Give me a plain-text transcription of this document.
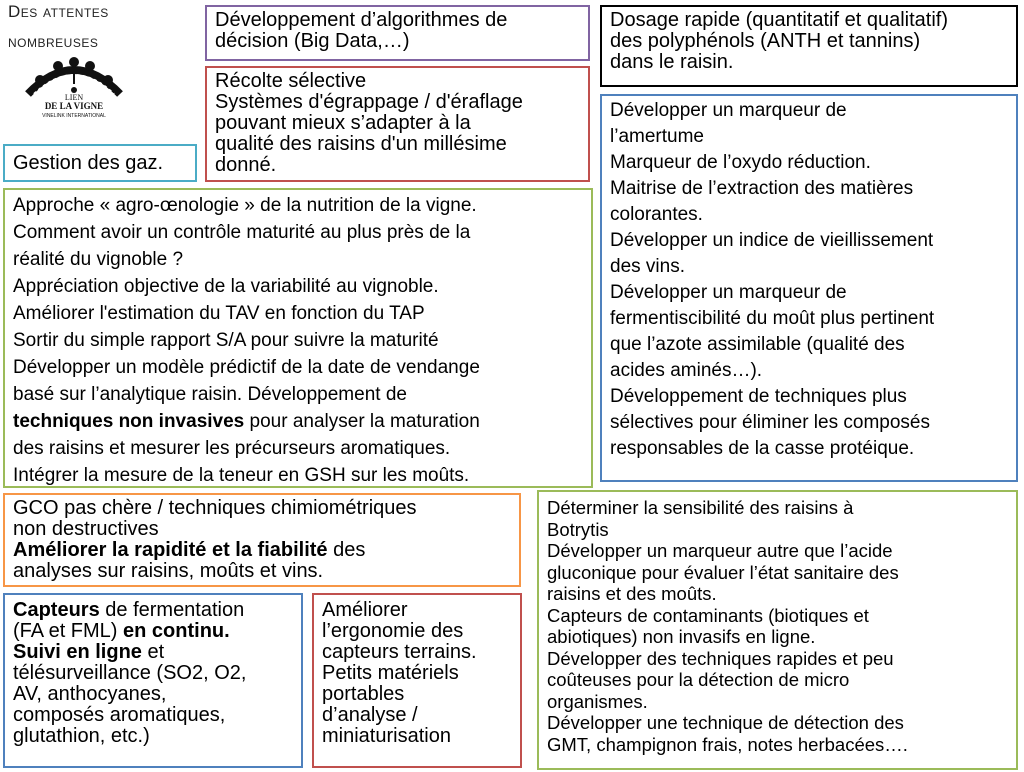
Des attentes
nombreuses
LIEN
DE LA VIGNE
VINELINK INTERNATIONAL
Développement d’algorithmes de
décision (Big Data,…)
Dosage rapide (quantitatif et qualitatif)
des polyphénols (ANTH et tannins)
dans le raisin.
Récolte sélective
Systèmes d'égrappage / d'éraflage
pouvant mieux s’adapter à la
qualité des raisins d'un millésime
donné.
Gestion des gaz.
Développer un marqueur de
l’amertume
Marqueur de l’oxydo réduction.
Maitrise de l’extraction des matières
colorantes.
Développer un indice de vieillissement
des vins.
Développer un marqueur de
fermentiscibilité du moût plus pertinent
que l’azote assimilable (qualité des
acides aminés…).
Développement de techniques plus
sélectives pour éliminer les composés
responsables de la casse protéique.
Approche « agro-œnologie » de la nutrition de la vigne.
Comment avoir un contrôle maturité au plus près de la
réalité du vignoble ?
Appréciation objective de la variabilité au vignoble.
Améliorer l'estimation du TAV en fonction du TAP
Sortir du simple rapport S/A pour suivre la maturité
Développer un modèle prédictif de la date de vendange
basé sur l’analytique raisin. Développement de
techniques non invasives pour analyser la maturation
des raisins et mesurer les précurseurs aromatiques.
Intégrer la mesure de la teneur en GSH sur les moûts.
GCO pas chère / techniques chimiométriques
non destructives
Améliorer la rapidité et la fiabilité des
analyses sur raisins, moûts et vins.
Déterminer la sensibilité des raisins à
Botrytis
Développer un marqueur autre que l’acide
gluconique pour évaluer l’état sanitaire des
raisins et des moûts.
Capteurs de contaminants (biotiques et
abiotiques) non invasifs en ligne.
Développer des techniques rapides et peu
coûteuses pour la détection de micro
organismes.
Développer une technique de détection des
GMT, champignon frais, notes herbacées….
Capteurs de fermentation
(FA et FML) en continu.
Suivi en ligne et
télésurveillance (SO2, O2,
AV, anthocyanes,
composés aromatiques,
glutathion, etc.)
Améliorer
l’ergonomie des
capteurs terrains.
Petits matériels
portables
d’analyse /
miniaturisation
